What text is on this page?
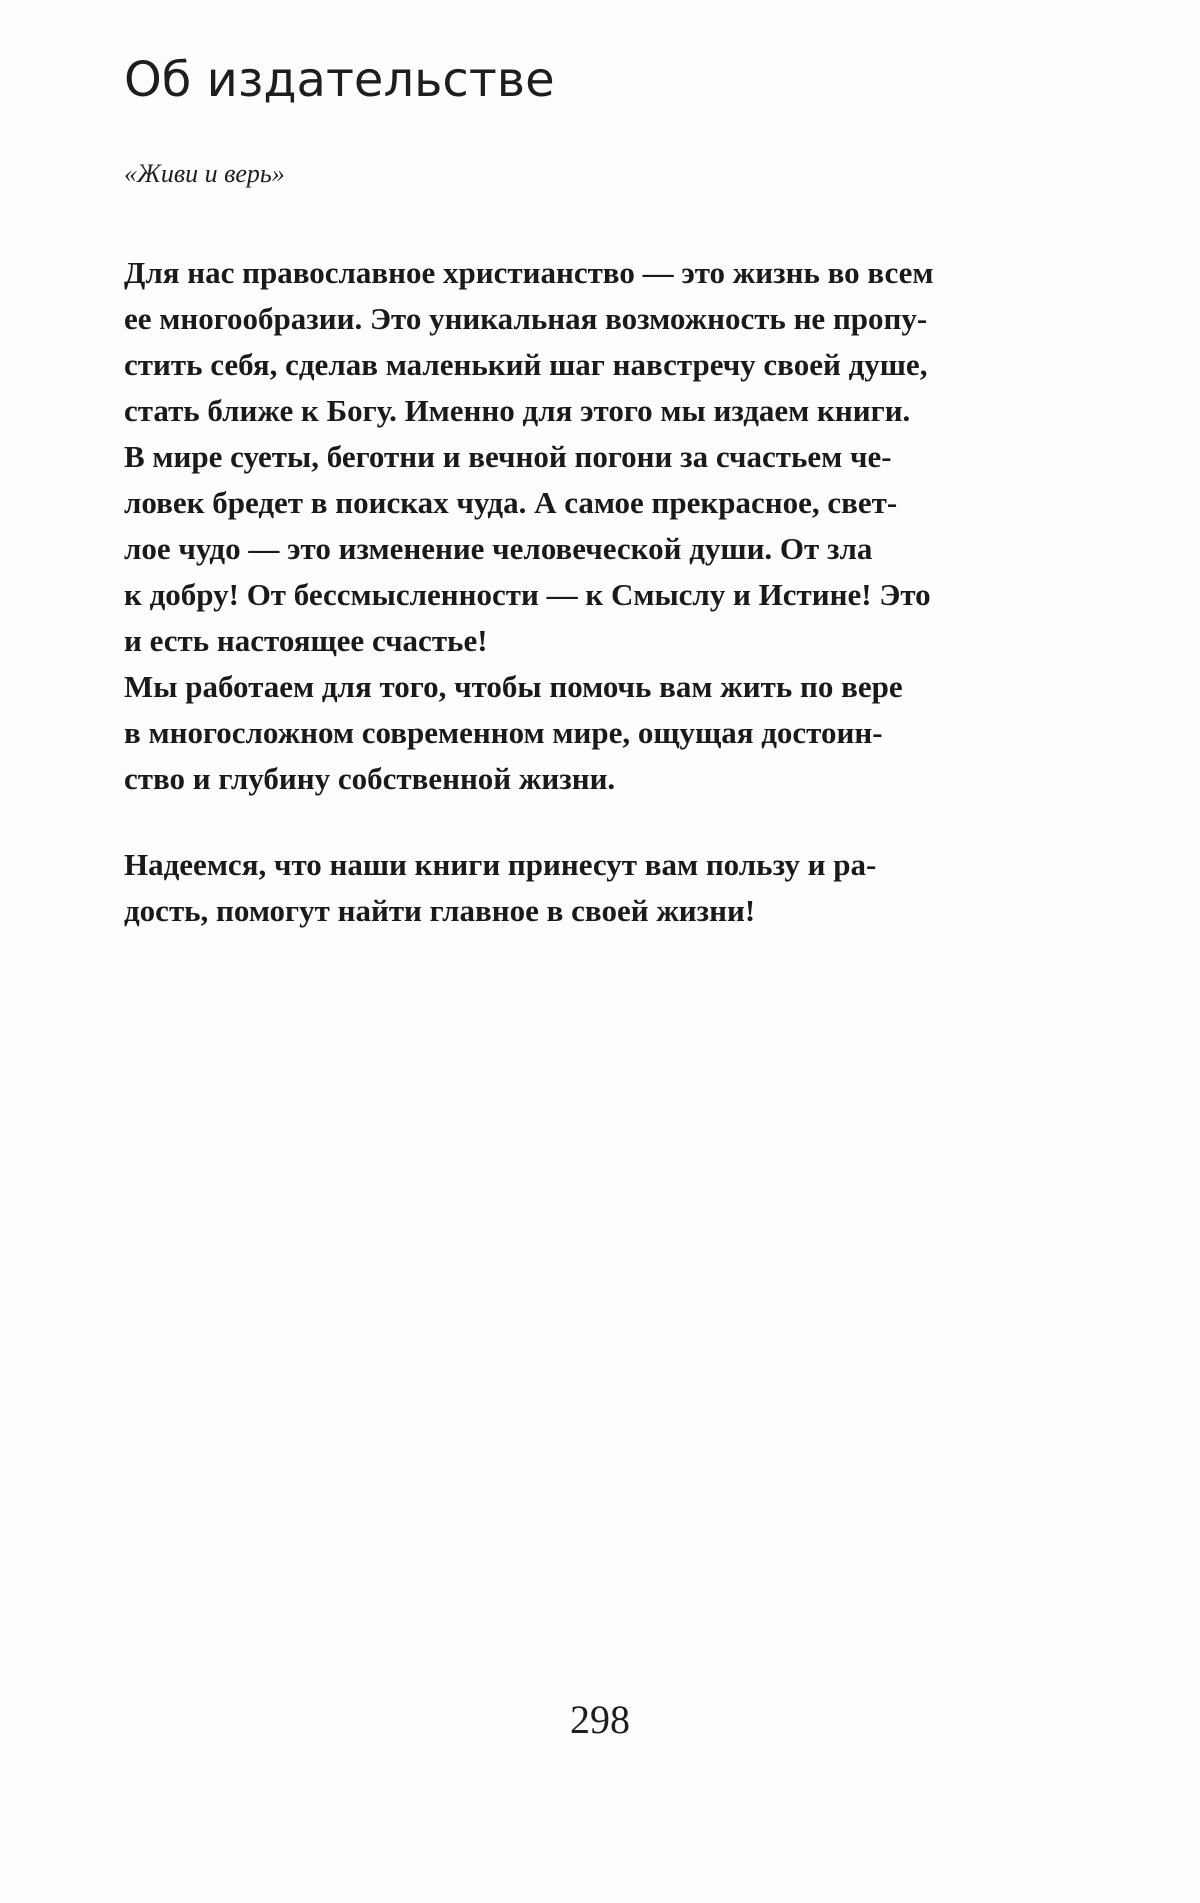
Об издательстве

«Живи и верь»

Для нас православное христианство — это жизнь во всем

ее многообразии. Это уникальная возможность не пропу-

стить себя, сделав маленький шаг навстречу своей душе,

стать ближе к Богу. Именно для этого мы издаем книги.

В мире суеты, беготни и вечной погони за счастьем че-

ловек бредет в поисках чуда. А самое прекрасное, свет-

лое чудо — это изменение человеческой души. От зла

к добру! От бессмысленности — к Смыслу и Истине! Это

и есть настоящее счастье!

Мы работаем для того, чтобы помочь вам жить по вере

в многосложном современном мире, ощущая достоин-

ство и глубину собственной жизни.

Надеемся, что наши книги принесут вам пользу и ра-

дость, помогут найти главное в своей жизни!

298
